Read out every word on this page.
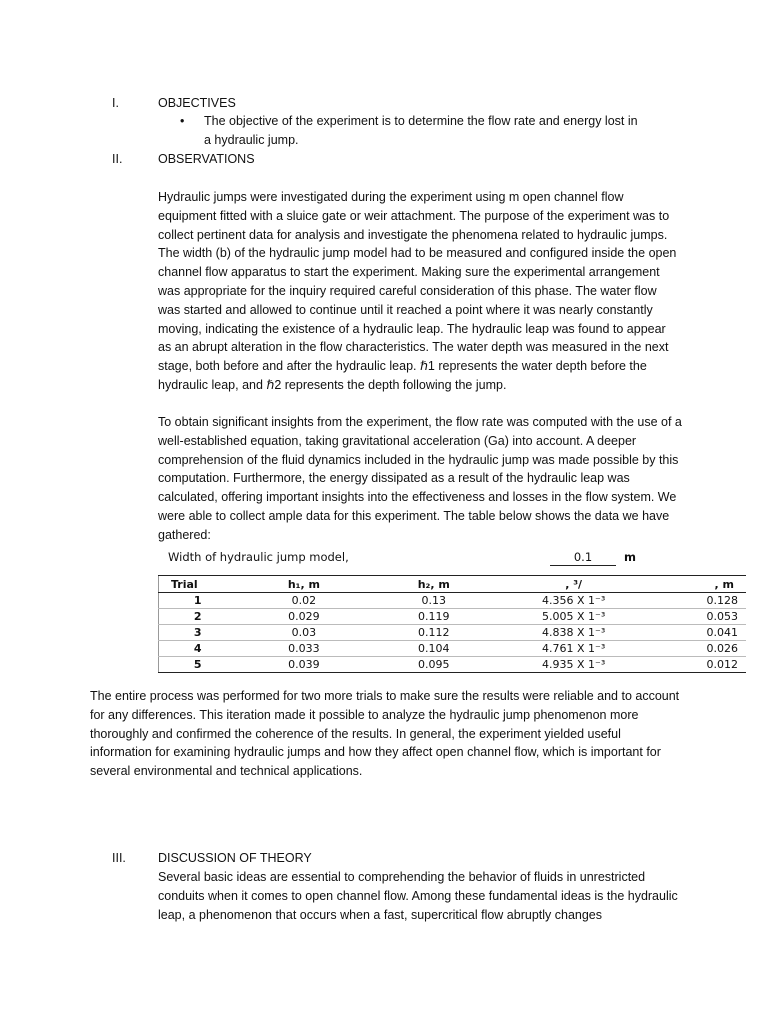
I.	OBJECTIVES
• The objective of the experiment is to determine the flow rate and energy lost in a hydraulic jump.
II.	OBSERVATIONS

Hydraulic jumps were investigated during the experiment using m open channel flow equipment fitted with a sluice gate or weir attachment. The purpose of the experiment was to collect pertinent data for analysis and investigate the phenomena related to hydraulic jumps. The width (b) of the hydraulic jump model had to be measured and configured inside the open channel flow apparatus to start the experiment. Making sure the experimental arrangement was appropriate for the inquiry required careful consideration of this phase. The water flow was started and allowed to continue until it reached a point where it was nearly constantly moving, indicating the existence of a hydraulic leap. The hydraulic leap was found to appear as an abrupt alteration in the flow characteristics. The water depth was measured in the next stage, both before and after the hydraulic leap. ℏ1 represents the water depth before the hydraulic leap, and ℏ2 represents the depth following the jump.

To obtain significant insights from the experiment, the flow rate was computed with the use of a well-established equation, taking gravitational acceleration (Ga) into account. A deeper comprehension of the fluid dynamics included in the hydraulic jump was made possible by this computation. Furthermore, the energy dissipated as a result of the hydraulic leap was calculated, offering important insights into the effectiveness and losses in the flow system. We were able to collect ample data for this experiment. The table below shows the data we have gathered:

Width of hydraulic jump model,	0.1	m
Trial	h₁, m	h₂, m	, ³/	, m
1	0.02	0.13	4.356 X 1⁻³	0.128
2	0.029	0.119	5.005 X 1⁻³	0.053
3	0.03	0.112	4.838 X 1⁻³	0.041
4	0.033	0.104	4.761 X 1⁻³	0.026
5	0.039	0.095	4.935 X 1⁻³	0.012

The entire process was performed for two more trials to make sure the results were reliable and to account for any differences. This iteration made it possible to analyze the hydraulic jump phenomenon more thoroughly and confirmed the coherence of the results. In general, the experiment yielded useful information for examining hydraulic jumps and how they affect open channel flow, which is important for several environmental and technical applications.

III.	DISCUSSION OF THEORY

Several basic ideas are essential to comprehending the behavior of fluids in unrestricted conduits when it comes to open channel flow. Among these fundamental ideas is the hydraulic leap, a phenomenon that occurs when a fast, supercritical flow abruptly changes
